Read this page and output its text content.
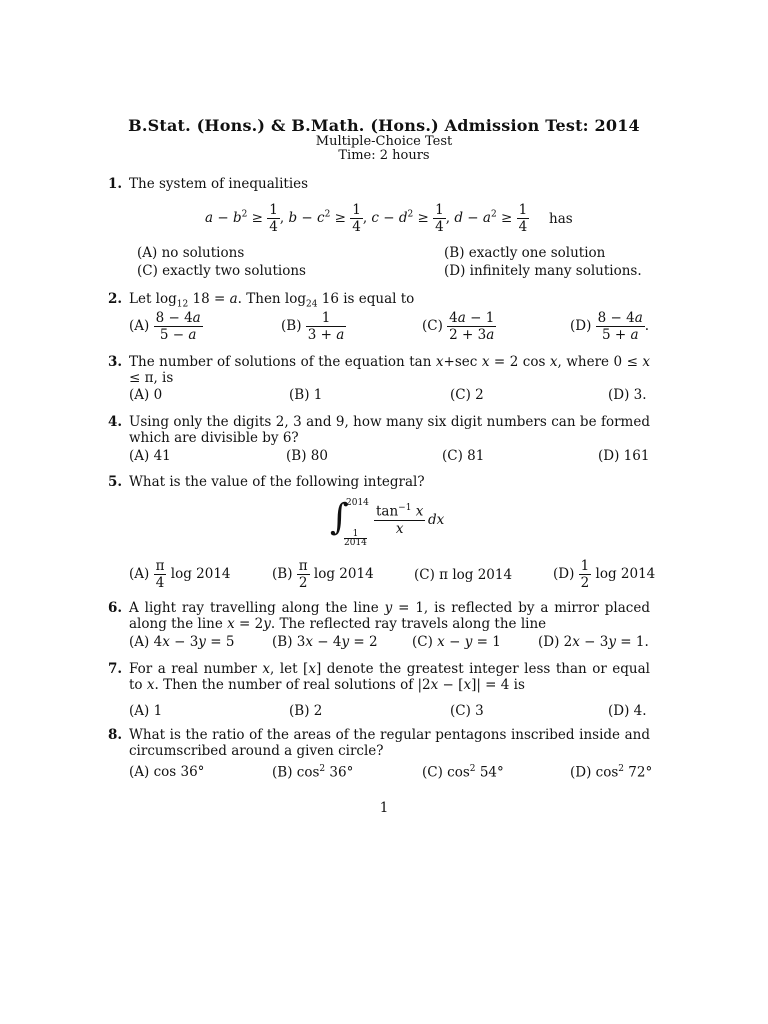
B.Stat. (Hons.) & B.Math. (Hons.) Admission Test: 2014
Multiple-Choice Test
Time: 2 hours
1. The system of inequalities
$a - b^2 \ge \frac{1}{4}$ , $b - c^2 \ge \frac{1}{4}$ , $c - d^2 \ge \frac{1}{4}$ , $d - a^2 \ge \frac{1}{4}$ has
(A) no solutions	(B) exactly one solution
(C) exactly two solutions	(D) infinitely many solutions.
2. Let $\log_{12} 18 = a$. Then $\log_{24} 16$ is equal to
$(A) \frac{8 - 4a}{5 - a}$	$(B) \frac{1}{3 + a}$	$(C) \frac{4a - 1}{2 + 3a}$	$(D) \frac{8 - 4a}{5 + a}$ .
3. The number of solutions of the equation tan x+sec x = 2 cos x, where 0 ≤ x ≤ π, is
(A) 0	(B) 1	(C) 2	(D) 3.
4. Using only the digits 2, 3 and 9, how many six digit numbers can be formed which are divisible by 6?
(A) 41	(B) 80	(C) 81	(D) 161
5. What is the value of the following integral?
∫
2014
1
2014
$\frac{\tan^{-1} x}{x}$ dx
$(A) \frac{\pi}{4}$ log 2014	$(B) \frac{\pi}{2}$ log 2014	(C) π log 2014	$(D) \frac{1}{2}$ log 2014
6. A light ray travelling along the line y = 1, is reflected by a mirror placed along the line x = 2y. The reflected ray travels along the line
(A) 4x − 3y = 5	(B) 3x − 4y = 2	(C) x − y = 1	(D) 2x − 3y = 1.
7. For a real number x, let [x] denote the greatest integer less than or equal to x. Then the number of real solutions of |2x − [x]| = 4 is
(A) 1	(B) 2	(C) 3	(D) 4.
8. What is the ratio of the areas of the regular pentagons inscribed inside and circumscribed around a given circle?
(A) cos 36°	(B) $\cos^2 36^\circ$	(C) $\cos^2 54^\circ$	(D) $\cos^2 72^\circ$
1
